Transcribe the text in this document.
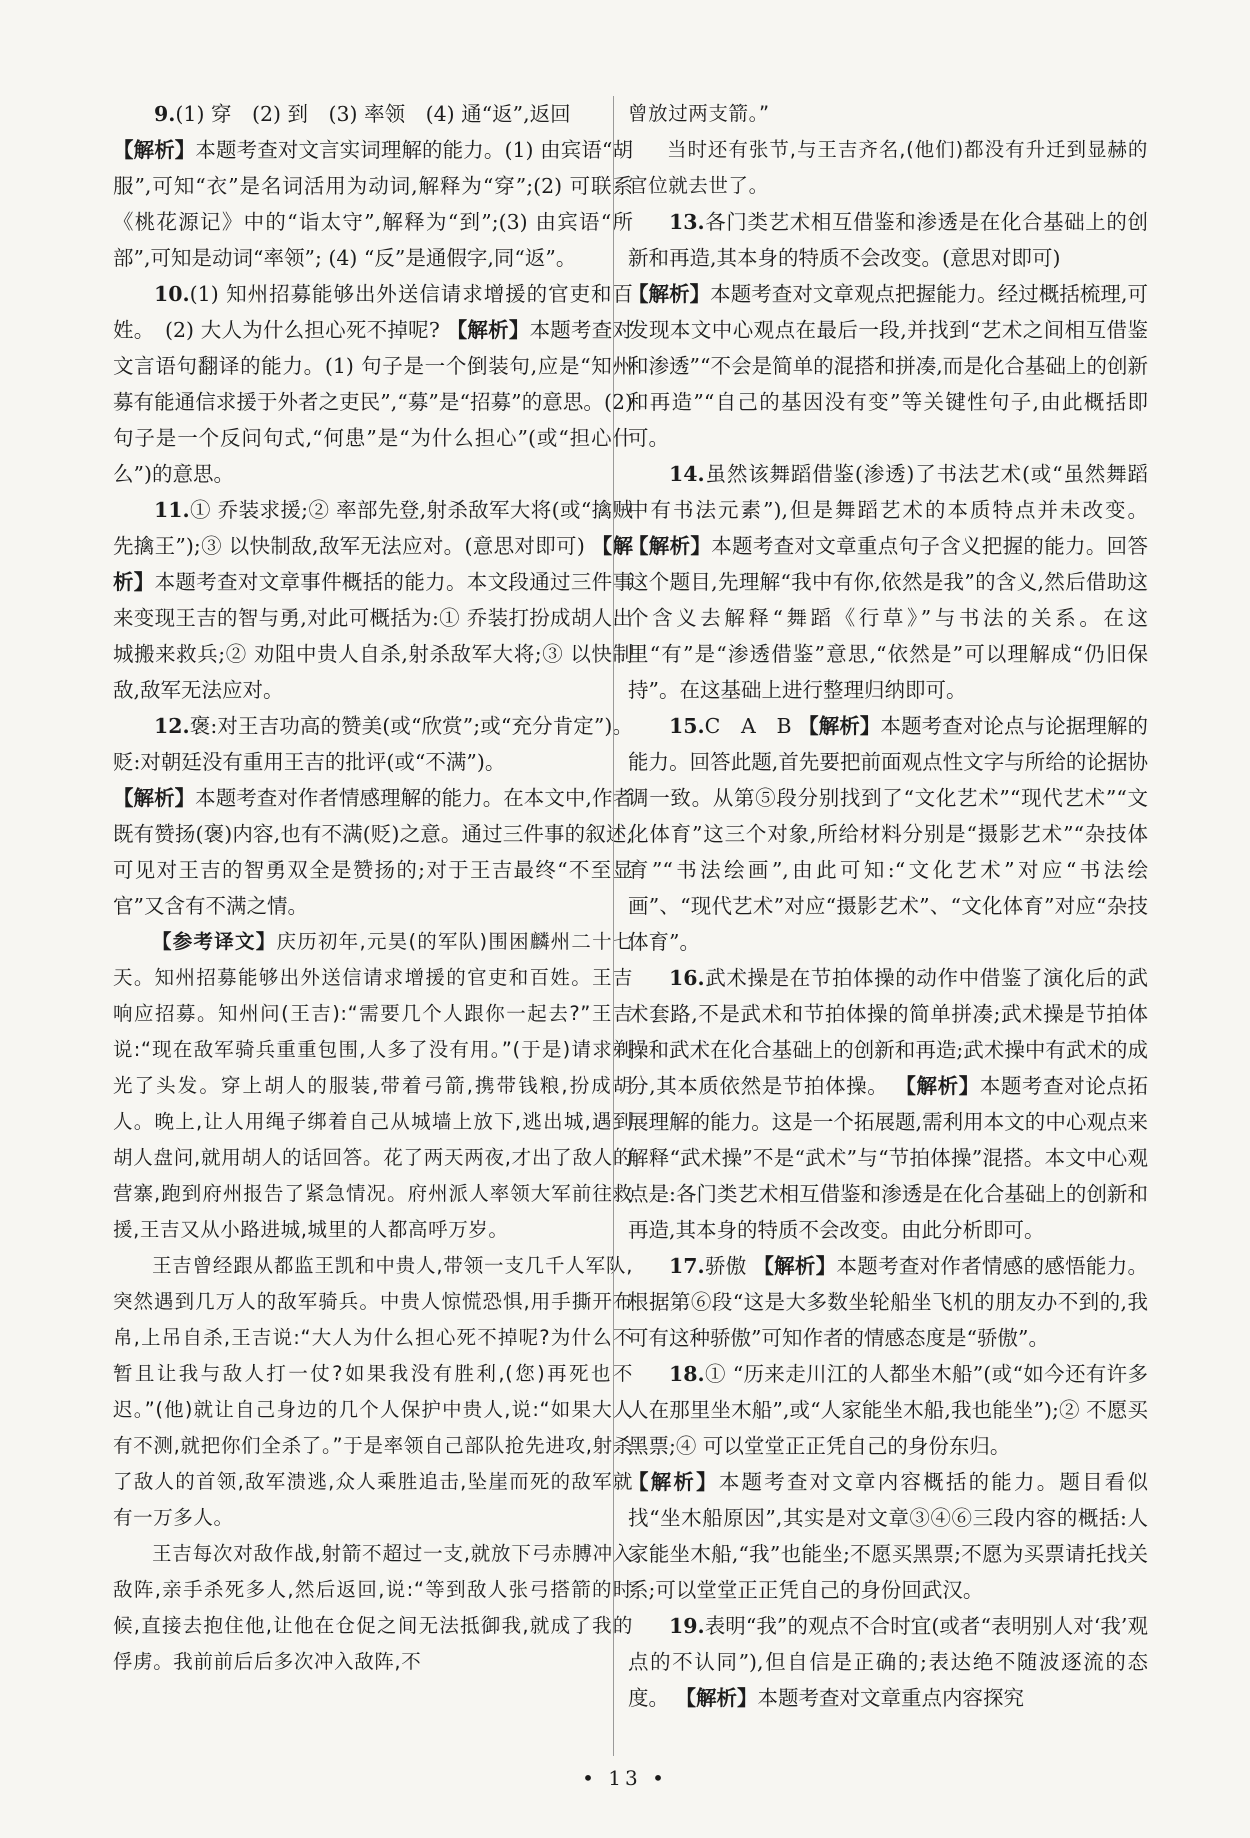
9.(1) 穿　(2) 到　(3) 率领　(4) 通“返”,返回

【解析】本题考查对文言实词理解的能力。(1) 由宾语“胡服”,可知“衣”是名词活用为动词,解释为“穿”;(2) 可联系《桃花源记》中的“诣太守”,解释为“到”;(3) 由宾语“所部”,可知是动词“率领”; (4) “反”是通假字,同“返”。

10.(1) 知州招募能够出外送信请求增援的官吏和百姓。　(2) 大人为什么担心死不掉呢? 【解析】本题考查对文言语句翻译的能力。(1) 句子是一个倒装句,应是“知州募有能通信求援于外者之吏民”,“募”是“招募”的意思。(2) 句子是一个反问句式,“何患”是“为什么担心”(或“担心什么”)的意思。

11.① 乔装求援;② 率部先登,射杀敌军大将(或“擒贼先擒王”);③ 以快制敌,敌军无法应对。(意思对即可) 【解析】本题考查对文章事件概括的能力。本文段通过三件事来变现王吉的智与勇,对此可概括为:① 乔装打扮成胡人出城搬来救兵;② 劝阻中贵人自杀,射杀敌军大将;③ 以快制敌,敌军无法应对。

12.褒:对王吉功高的赞美(或“欣赏”;或“充分肯定”)。贬:对朝廷没有重用王吉的批评(或“不满”)。

【解析】本题考查对作者情感理解的能力。在本文中,作者既有赞扬(褒)内容,也有不满(贬)之意。通过三件事的叙述,可见对王吉的智勇双全是赞扬的;对于王吉最终“不至显官”又含有不满之情。

【参考译文】庆历初年,元昊(的军队)围困麟州二十七天。知州招募能够出外送信请求增援的官吏和百姓。王吉响应招募。知州问(王吉):“需要几个人跟你一起去?”王吉说:“现在敌军骑兵重重包围,人多了没有用。”(于是)请求剃光了头发。穿上胡人的服装,带着弓箭,携带钱粮,扮成胡人。晚上,让人用绳子绑着自己从城墙上放下,逃出城,遇到胡人盘问,就用胡人的话回答。花了两天两夜,才出了敌人的营寨,跑到府州报告了紧急情况。府州派人率领大军前往救援,王吉又从小路进城,城里的人都高呼万岁。

王吉曾经跟从都监王凯和中贵人,带领一支几千人军队,突然遇到几万人的敌军骑兵。中贵人惊慌恐惧,用手撕开布帛,上吊自杀,王吉说:“大人为什么担心死不掉呢?为什么不暂且让我与敌人打一仗?如果我没有胜利,(您)再死也不迟。”(他)就让自己身边的几个人保护中贵人,说:“如果大人有不测,就把你们全杀了。”于是率领自己部队抢先进攻,射杀了敌人的首领,敌军溃逃,众人乘胜追击,坠崖而死的敌军就有一万多人。

王吉每次对敌作战,射箭不超过一支,就放下弓赤膊冲入敌阵,亲手杀死多人,然后返回,说:“等到敌人张弓搭箭的时候,直接去抱住他,让他在仓促之间无法抵御我,就成了我的俘虏。我前前后后多次冲入敌阵,不

曾放过两支箭。”

当时还有张节,与王吉齐名,(他们)都没有升迁到显赫的官位就去世了。

13.各门类艺术相互借鉴和渗透是在化合基础上的创新和再造,其本身的特质不会改变。(意思对即可)

【解析】本题考查对文章观点把握能力。经过概括梳理,可发现本文中心观点在最后一段,并找到“艺术之间相互借鉴和渗透”“不会是简单的混搭和拼凑,而是化合基础上的创新和再造”“自己的基因没有变”等关键性句子,由此概括即可。

14.虽然该舞蹈借鉴(渗透)了书法艺术(或“虽然舞蹈中有书法元素”),但是舞蹈艺术的本质特点并未改变。 【解析】本题考查对文章重点句子含义把握的能力。回答这个题目,先理解“我中有你,依然是我”的含义,然后借助这个含义去解释“舞蹈《行草》”与书法的关系。在这里“有”是“渗透借鉴”意思,“依然是”可以理解成“仍旧保持”。在这基础上进行整理归纳即可。

15.C　A　B 【解析】本题考查对论点与论据理解的能力。回答此题,首先要把前面观点性文字与所给的论据协调一致。从第⑤段分别找到了“文化艺术”“现代艺术”“文化体育”这三个对象,所给材料分别是“摄影艺术”“杂技体育”“书法绘画”,由此可知:“文化艺术”对应“书法绘画”、“现代艺术”对应“摄影艺术”、“文化体育”对应“杂技体育”。

16.武术操是在节拍体操的动作中借鉴了演化后的武术套路,不是武术和节拍体操的简单拼凑;武术操是节拍体操和武术在化合基础上的创新和再造;武术操中有武术的成分,其本质依然是节拍体操。 【解析】本题考查对论点拓展理解的能力。这是一个拓展题,需利用本文的中心观点来解释“武术操”不是“武术”与“节拍体操”混搭。本文中心观点是:各门类艺术相互借鉴和渗透是在化合基础上的创新和再造,其本身的特质不会改变。由此分析即可。

17.骄傲 【解析】本题考查对作者情感的感悟能力。根据第⑥段“这是大多数坐轮船坐飞机的朋友办不到的,我可有这种骄傲”可知作者的情感态度是“骄傲”。

18.① “历来走川江的人都坐木船”(或“如今还有许多人在那里坐木船”,或“人家能坐木船,我也能坐”);② 不愿买黑票;④ 可以堂堂正正凭自己的身份东归。

【解析】本题考查对文章内容概括的能力。题目看似找“坐木船原因”,其实是对文章③④⑥三段内容的概括:人家能坐木船,“我”也能坐;不愿买黑票;不愿为买票请托找关系;可以堂堂正正凭自己的身份回武汉。

19.表明“我”的观点不合时宜(或者“表明别人对‘我’观点的不认同”),但自信是正确的;表达绝不随波逐流的态度。 【解析】本题考查对文章重点内容探究

• 13 •
